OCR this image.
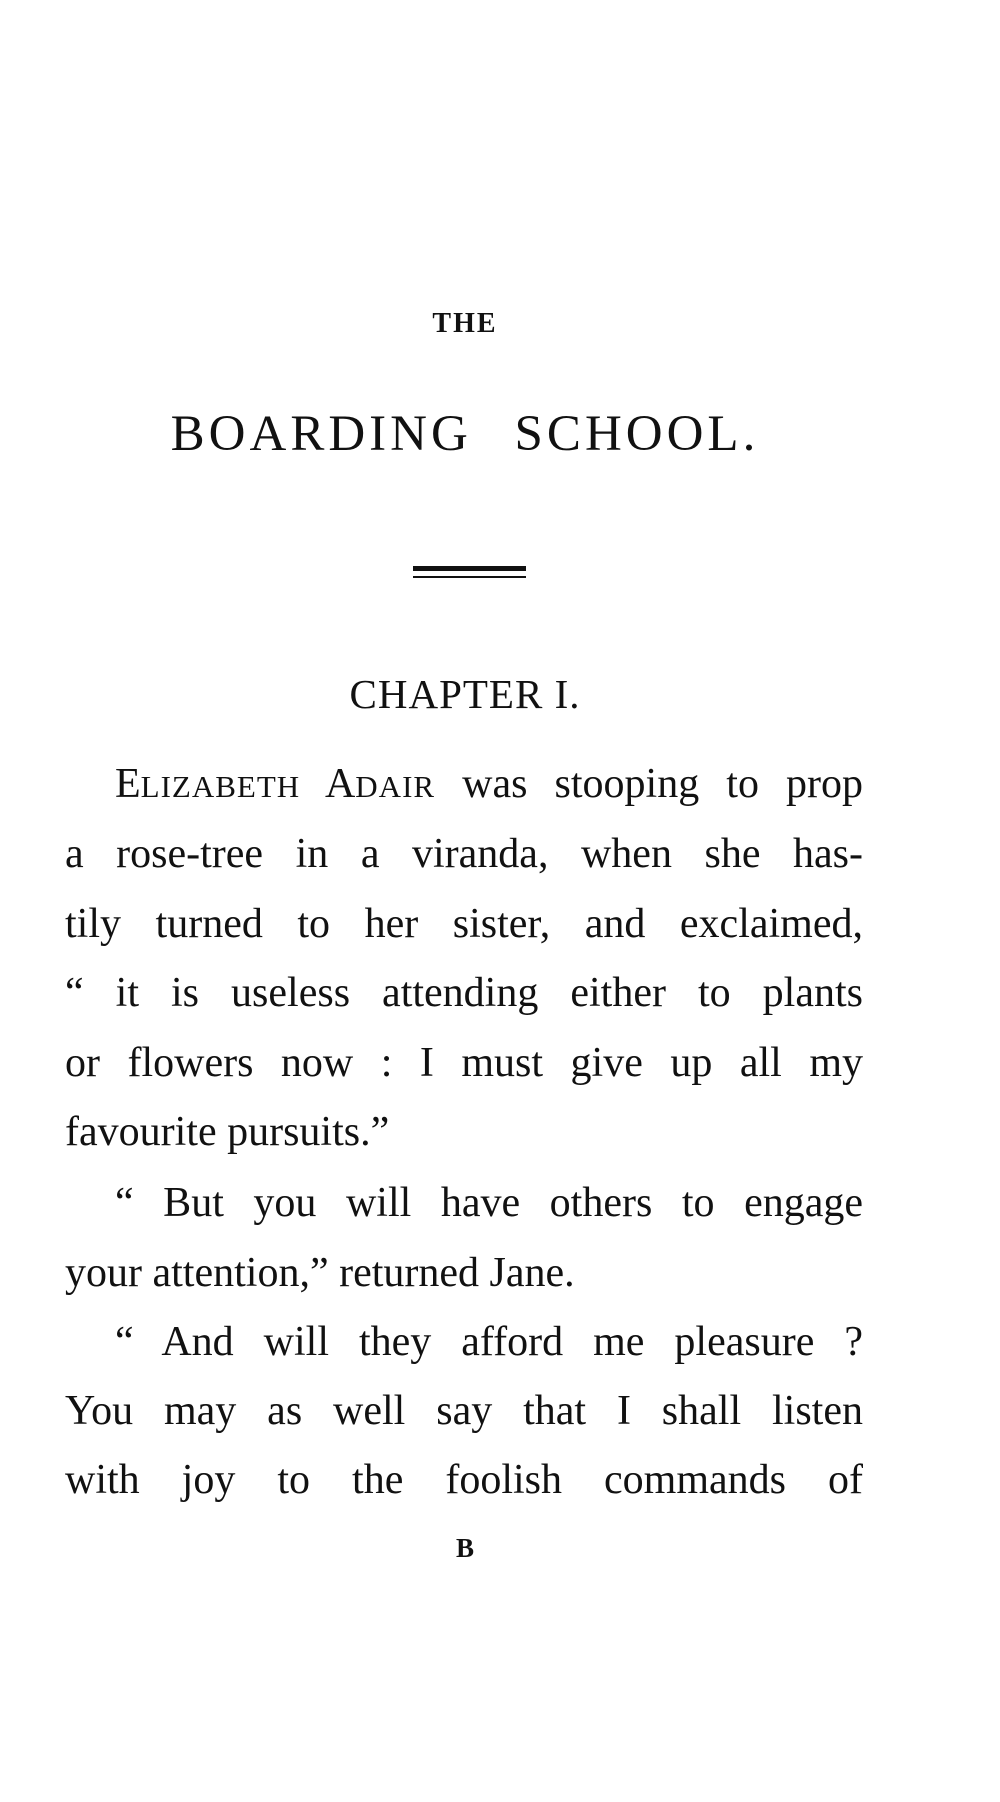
THE
BOARDING SCHOOL.
CHAPTER I.
ELIZABETH ADAIR was stooping to prop
a rose-tree in a viranda, when she has-
tily turned to her sister, and exclaimed,
“ it is useless attending either to plants
or flowers now : I must give up all my
favourite pursuits.”
“ But you will have others to engage
your attention,” returned Jane.
“ And will they afford me pleasure ?
You may as well say that I shall listen
with joy to the foolish commands of
B
